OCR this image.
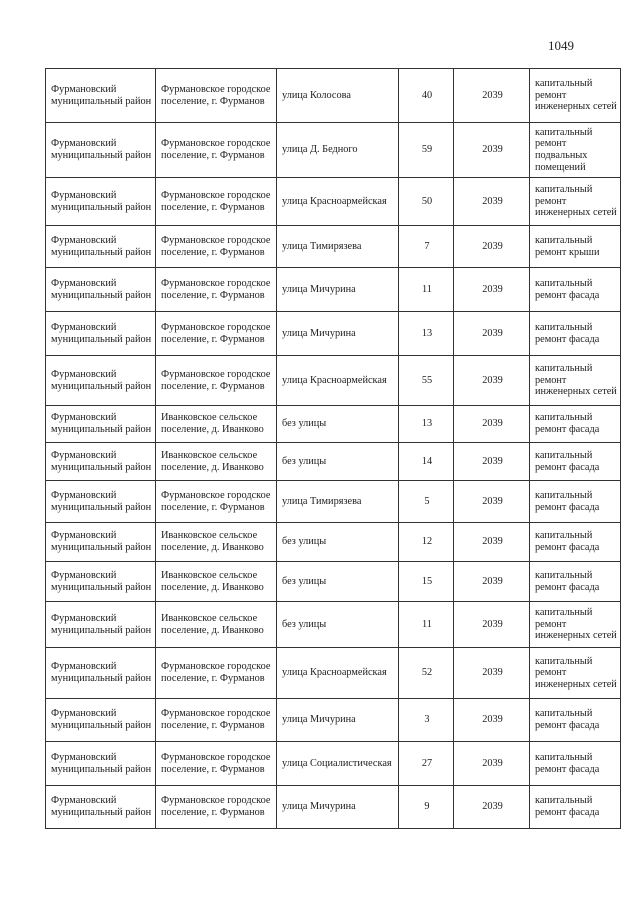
1049
Фурмановский муниципальный район	Фурмановское городское поселение, г. Фурманов	улица Колосова	40	2039	капитальный ремонт инженерных сетей
Фурмановский муниципальный район	Фурмановское городское поселение, г. Фурманов	улица Д. Бедного	59	2039	капитальный ремонт подвальных помещений
Фурмановский муниципальный район	Фурмановское городское поселение, г. Фурманов	улица Красноармейская	50	2039	капитальный ремонт инженерных сетей
Фурмановский муниципальный район	Фурмановское городское поселение, г. Фурманов	улица Тимирязева	7	2039	капитальный ремонт крыши
Фурмановский муниципальный район	Фурмановское городское поселение, г. Фурманов	улица Мичурина	11	2039	капитальный ремонт фасада
Фурмановский муниципальный район	Фурмановское городское поселение, г. Фурманов	улица Мичурина	13	2039	капитальный ремонт фасада
Фурмановский муниципальный район	Фурмановское городское поселение, г. Фурманов	улица Красноармейская	55	2039	капитальный ремонт инженерных сетей
Фурмановский муниципальный район	Иванковское сельское поселение, д. Иванково	без улицы	13	2039	капитальный ремонт фасада
Фурмановский муниципальный район	Иванковское сельское поселение, д. Иванково	без улицы	14	2039	капитальный ремонт фасада
Фурмановский муниципальный район	Фурмановское городское поселение, г. Фурманов	улица Тимирязева	5	2039	капитальный ремонт фасада
Фурмановский муниципальный район	Иванковское сельское поселение, д. Иванково	без улицы	12	2039	капитальный ремонт фасада
Фурмановский муниципальный район	Иванковское сельское поселение, д. Иванково	без улицы	15	2039	капитальный ремонт фасада
Фурмановский муниципальный район	Иванковское сельское поселение, д. Иванково	без улицы	11	2039	капитальный ремонт инженерных сетей
Фурмановский муниципальный район	Фурмановское городское поселение, г. Фурманов	улица Красноармейская	52	2039	капитальный ремонт инженерных сетей
Фурмановский муниципальный район	Фурмановское городское поселение, г. Фурманов	улица Мичурина	3	2039	капитальный ремонт фасада
Фурмановский муниципальный район	Фурмановское городское поселение, г. Фурманов	улица Социалистическая	27	2039	капитальный ремонт фасада
Фурмановский муниципальный район	Фурмановское городское поселение, г. Фурманов	улица Мичурина	9	2039	капитальный ремонт фасада
